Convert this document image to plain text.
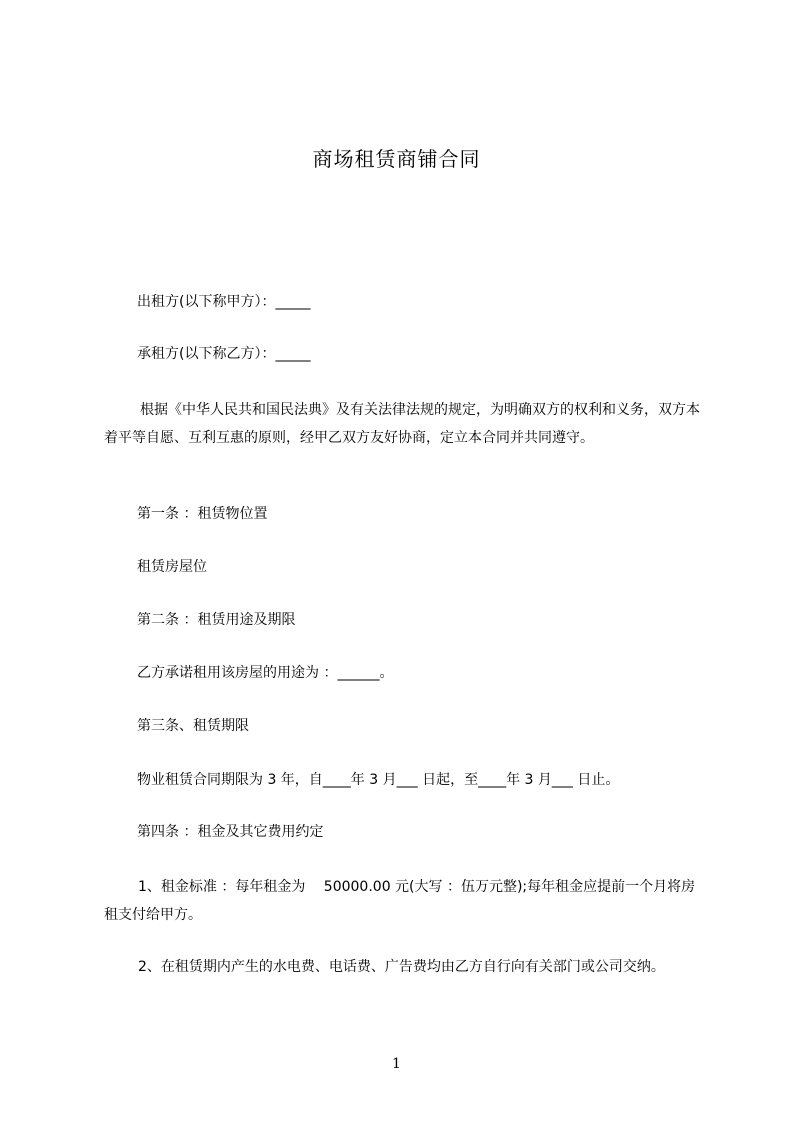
商场租赁商铺合同
出租方(以下称甲方）：_____
承租方(以下称乙方）：_____
根据《中华人民共和国民法典》及有关法律法规的规定，为明确双方的权利和义务，双方本着平等自愿、互利互惠的原则，经甲乙双方友好协商，定立本合同并共同遵守。
第一条 ：租赁物位置
租赁房屋位
第二条 ：租赁用途及期限
乙方承诺租用该房屋的用途为 ：______。
第三条、租赁期限
物业租赁合同期限为 3 年，自____年 3 月___ 日起，至____年 3 月___ 日止。
第四条 ：租金及其它费用约定
1、租金标准 ：每年租金为　 50000.00 元(大写 ：伍万元整);每年租金应提前一个月将房租支付给甲方。
2、在租赁期内产生的水电费、电话费、广告费均由乙方自行向有关部门或公司交纳。
1
